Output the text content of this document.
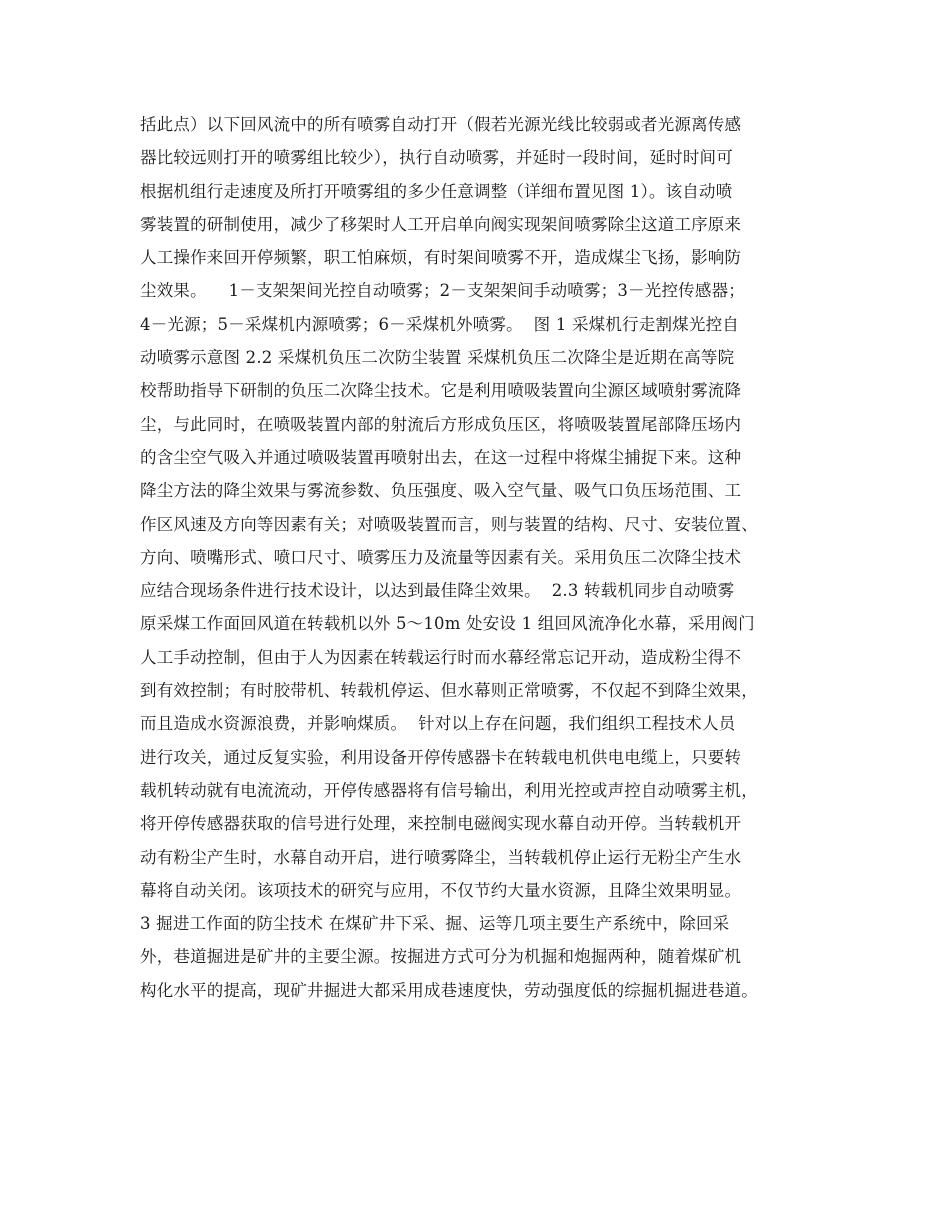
括此点）以下回风流中的所有喷雾自动打开（假若光源光线比较弱或者光源离传感
器比较远则打开的喷雾组比较少），执行自动喷雾，并延时一段时间，延时时间可
根据机组行走速度及所打开喷雾组的多少任意调整（详细布置见图 1）。该自动喷
雾装置的研制使用，减少了移架时人工开启单向阀实现架间喷雾除尘这道工序原来
人工操作来回开停频繁，职工怕麻烦，有时架间喷雾不开，造成煤尘飞扬，影响防
尘效果。    1－支架架间光控自动喷雾；2－支架架间手动喷雾；3－光控传感器；
4－光源；5－采煤机内源喷雾；6－采煤机外喷雾。  图 1 采煤机行走割煤光控自
动喷雾示意图 2.2 采煤机负压二次防尘装置 采煤机负压二次降尘是近期在高等院
校帮助指导下研制的负压二次降尘技术。它是利用喷吸装置向尘源区域喷射雾流降
尘，与此同时，在喷吸装置内部的射流后方形成负压区，将喷吸装置尾部降压场内
的含尘空气吸入并通过喷吸装置再喷射出去，在这一过程中将煤尘捕捉下来。这种
降尘方法的降尘效果与雾流参数、负压强度、吸入空气量、吸气口负压场范围、工
作区风速及方向等因素有关；对喷吸装置而言，则与装置的结构、尺寸、安装位置、
方向、喷嘴形式、喷口尺寸、喷雾压力及流量等因素有关。采用负压二次降尘技术
应结合现场条件进行技术设计，以达到最佳降尘效果。  2.3 转载机同步自动喷雾
原采煤工作面回风道在转载机以外 5～10m 处安设 1 组回风流净化水幕，采用阀门
人工手动控制，但由于人为因素在转载运行时而水幕经常忘记开动，造成粉尘得不
到有效控制；有时胶带机、转载机停运、但水幕则正常喷雾，不仅起不到降尘效果，
而且造成水资源浪费，并影响煤质。  针对以上存在问题，我们组织工程技术人员
进行攻关，通过反复实验，利用设备开停传感器卡在转载电机供电电缆上，只要转
载机转动就有电流流动，开停传感器将有信号输出，利用光控或声控自动喷雾主机，
将开停传感器获取的信号进行处理，来控制电磁阀实现水幕自动开停。当转载机开
动有粉尘产生时，水幕自动开启，进行喷雾降尘，当转载机停止运行无粉尘产生水
幕将自动关闭。该项技术的研究与应用，不仅节约大量水资源，且降尘效果明显。
3 掘进工作面的防尘技术 在煤矿井下采、掘、运等几项主要生产系统中，除回采
外，巷道掘进是矿井的主要尘源。按掘进方式可分为机掘和炮掘两种，随着煤矿机
构化水平的提高，现矿井掘进大都采用成巷速度快，劳动强度低的综掘机掘进巷道。
